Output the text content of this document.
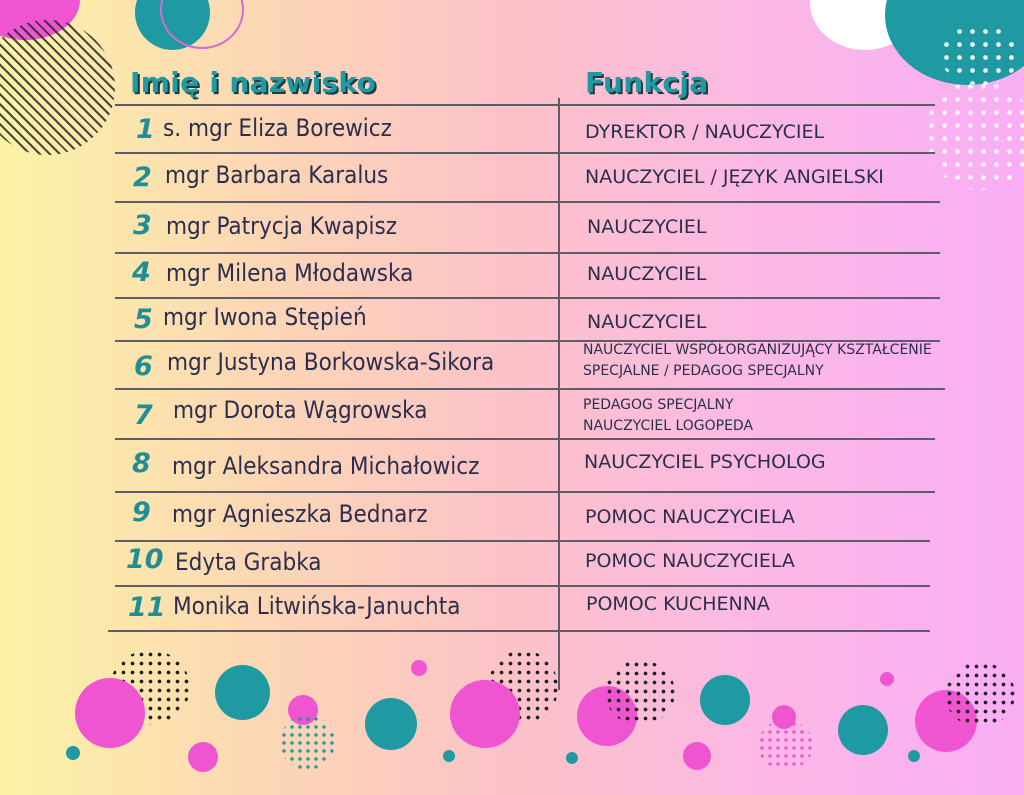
Imię i nazwisko	Funkcja
1 s. mgr Eliza Borewicz	DYREKTOR / NAUCZYCIEL
2 mgr Barbara Karalus	NAUCZYCIEL / JĘZYK ANGIELSKI
3 mgr Patrycja Kwapisz	NAUCZYCIEL
4 mgr Milena Młodawska	NAUCZYCIEL
5 mgr Iwona Stępień	NAUCZYCIEL
6 mgr Justyna Borkowska-Sikora	NAUCZYCIEL WSPÓŁORGANIZUJĄCY KSZTAŁCENIE
SPECJALNE / PEDAGOG SPECJALNY
7 mgr Dorota Wągrowska	PEDAGOG SPECJALNY
NAUCZYCIEL LOGOPEDA
8 mgr Aleksandra Michałowicz	NAUCZYCIEL PSYCHOLOG
9 mgr Agnieszka Bednarz	POMOC NAUCZYCIELA
10 Edyta Grabka	POMOC NAUCZYCIELA
11 Monika Litwińska-Januchta	POMOC KUCHENNA
